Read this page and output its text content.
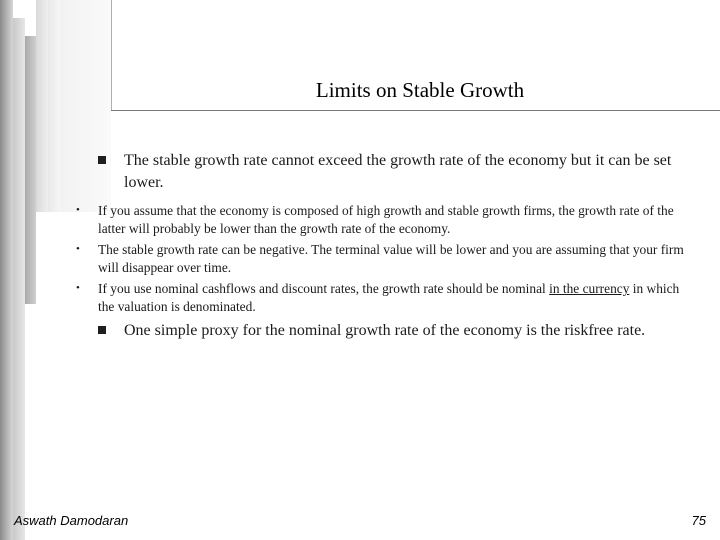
Limits on Stable Growth
The stable growth rate cannot exceed the growth rate of the economy but it can be set lower.
• If you assume that the economy is composed of high growth and stable growth firms, the growth rate of the latter will probably be lower than the growth rate of the economy.
• The stable growth rate can be negative. The terminal value will be lower and you are assuming that your firm will disappear over time.
• If you use nominal cashflows and discount rates, the growth rate should be nominal in the currency in which the valuation is denominated.
One simple proxy for the nominal growth rate of the economy is the riskfree rate.
Aswath Damodaran	75
